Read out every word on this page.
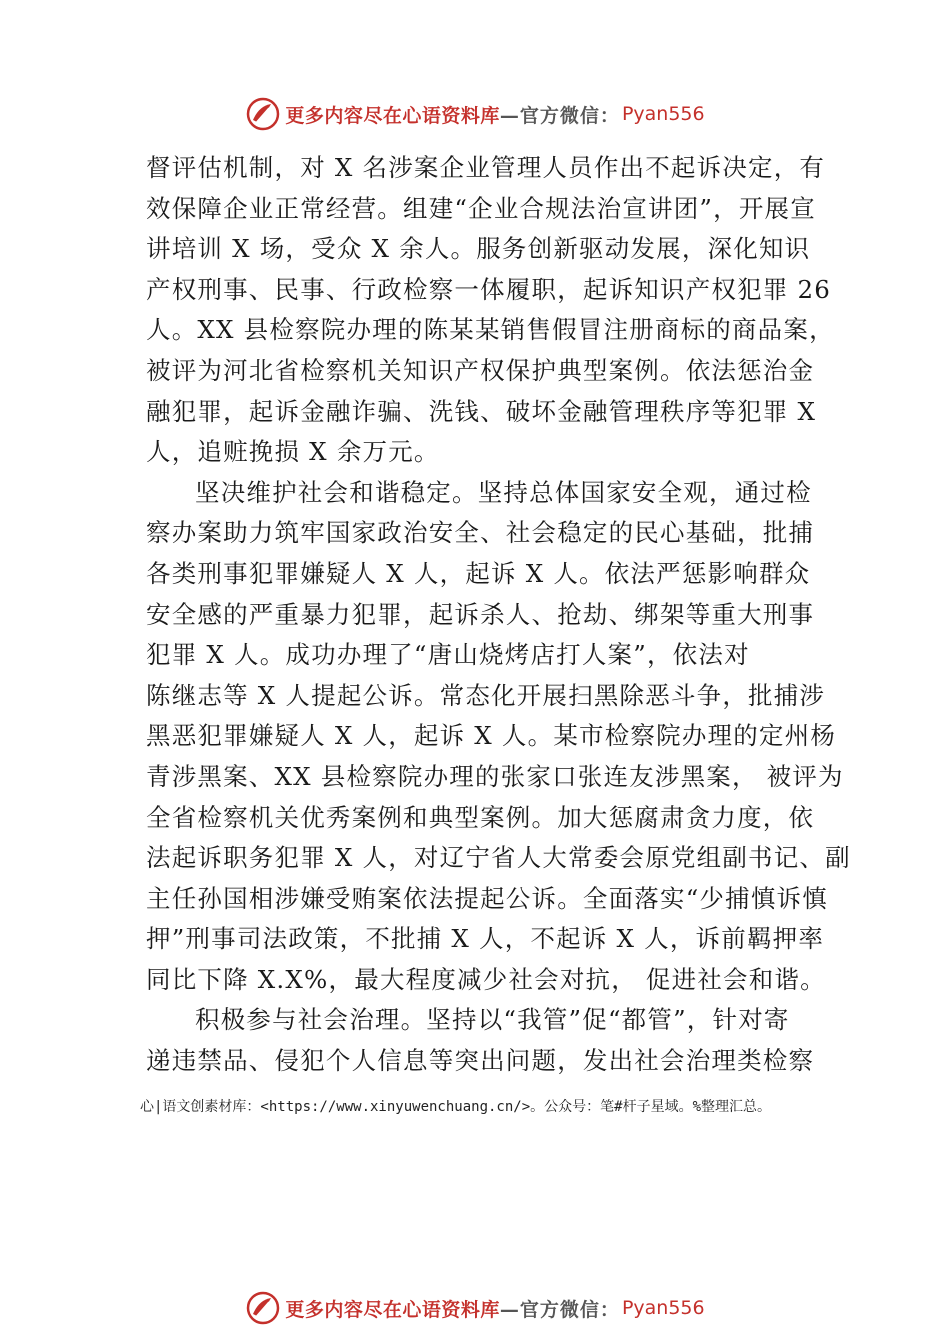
更多内容尽在心语资料库 —官方微信： Pyan556
督评估机制，对 X 名涉案企业管理人员作出不起诉决定，有
效保障企业正常经营。组建“企业合规法治宣讲团”，开展宣
讲培训 X 场，受众 X 余人。服务创新驱动发展，深化知识
产权刑事、民事、行政检察一体履职，起诉知识产权犯罪 26
人。XX 县检察院办理的陈某某销售假冒注册商标的商品案，
被评为河北省检察机关知识产权保护典型案例。依法惩治金
融犯罪，起诉金融诈骗、洗钱、破坏金融管理秩序等犯罪 X
人，追赃挽损 X 余万元。
坚决维护社会和谐稳定。坚持总体国家安全观，通过检
察办案助力筑牢国家政治安全、社会稳定的民心基础，批捕
各类刑事犯罪嫌疑人 X 人，起诉 X 人。依法严惩影响群众
安全感的严重暴力犯罪，起诉杀人、抢劫、绑架等重大刑事
犯罪 X 人。成功办理了“唐山烧烤店打人案”，依法对
陈继志等 X 人提起公诉。常态化开展扫黑除恶斗争，批捕涉
黑恶犯罪嫌疑人 X 人，起诉 X 人。某市检察院办理的定州杨
青涉黑案、XX 县检察院办理的张家口张连友涉黑案， 被评为
全省检察机关优秀案例和典型案例。加大惩腐肃贪力度，依
法起诉职务犯罪 X 人，对辽宁省人大常委会原党组副书记、副
主任孙国相涉嫌受贿案依法提起公诉。全面落实“少捕慎诉慎
押”刑事司法政策，不批捕 X 人，不起诉 X 人，诉前羁押率
同比下降 X.X%，最大程度减少社会对抗， 促进社会和谐。
积极参与社会治理。坚持以“我管”促“都管”，针对寄
递违禁品、侵犯个人信息等突出问题，发出社会治理类检察
心|语文创素材库：<https://www.xinyuwenchuang.cn/>。公众号：笔#杆子星域。%整理汇总。
更多内容尽在心语资料库 —官方微信： Pyan556
